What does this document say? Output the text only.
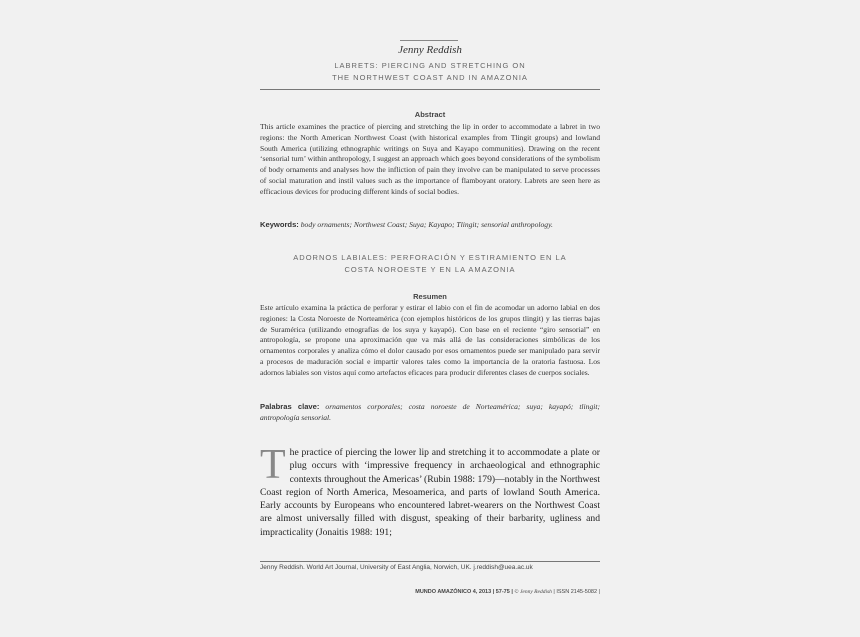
Jenny Reddish
LABRETS: PIERCING AND STRETCHING ON
THE NORTHWEST COAST AND IN AMAZONIA
Abstract
This article examines the practice of piercing and stretching the lip in order to accommodate a labret in two regions: the North American Northwest Coast (with historical examples from Tlingit groups) and lowland South America (utilizing ethnographic writings on Suya and Kayapo communities). Drawing on the recent ‘sensorial turn’ within anthropology, I suggest an approach which goes beyond considerations of the symbolism of body ornaments and analyses how the infliction of pain they involve can be manipulated to serve processes of social maturation and instil values such as the importance of flamboyant oratory. Labrets are seen here as efficacious devices for producing different kinds of social bodies.
Keywords: body ornaments; Northwest Coast; Suya; Kayapo; Tlingit; sensorial anthropology.
ADORNOS LABIALES: PERFORACIÓN Y ESTIRAMIENTO EN LA
COSTA NOROESTE Y EN LA AMAZONIA
Resumen
Este artículo examina la práctica de perforar y estirar el labio con el fin de acomodar un adorno labial en dos regiones: la Costa Noroeste de Norteamérica (con ejemplos históricos de los grupos tlingit) y las tierras bajas de Suramérica (utilizando etnografías de los suya y kayapó). Con base en el reciente “giro sensorial” en antropología, se propone una aproximación que va más allá de las consideraciones simbólicas de los ornamentos corporales y analiza cómo el dolor causado por esos ornamentos puede ser manipulado para servir a procesos de maduración social e impartir valores tales como la importancia de la oratoria fastuosa. Los adornos labiales son vistos aquí como artefactos eficaces para producir diferentes clases de cuerpos sociales.
Palabras clave: ornamentos corporales; costa noroeste de Norteamérica; suya; kayapó; tlingit; antropología sensorial.
T he practice of piercing the lower lip and stretching it to accommodate a plate or plug occurs with ‘impressive frequency in archaeological and ethnographic contexts throughout the Americas’ (Rubin 1988: 179)—notably in the Northwest Coast region of North America, Mesoamerica, and parts of lowland South America. Early accounts by Europeans who encountered labret-wearers on the Northwest Coast are almost universally filled with disgust, speaking of their barbarity, ugliness and impracticality (Jonaitis 1988: 191;
Jenny Reddish. World Art Journal, University of East Anglia, Norwich, UK. j.reddish@uea.ac.uk
MUNDO AMAZÓNICO 4, 2013 | 57-75 | © Jenny Reddish | ISSN 2145-5082 |
